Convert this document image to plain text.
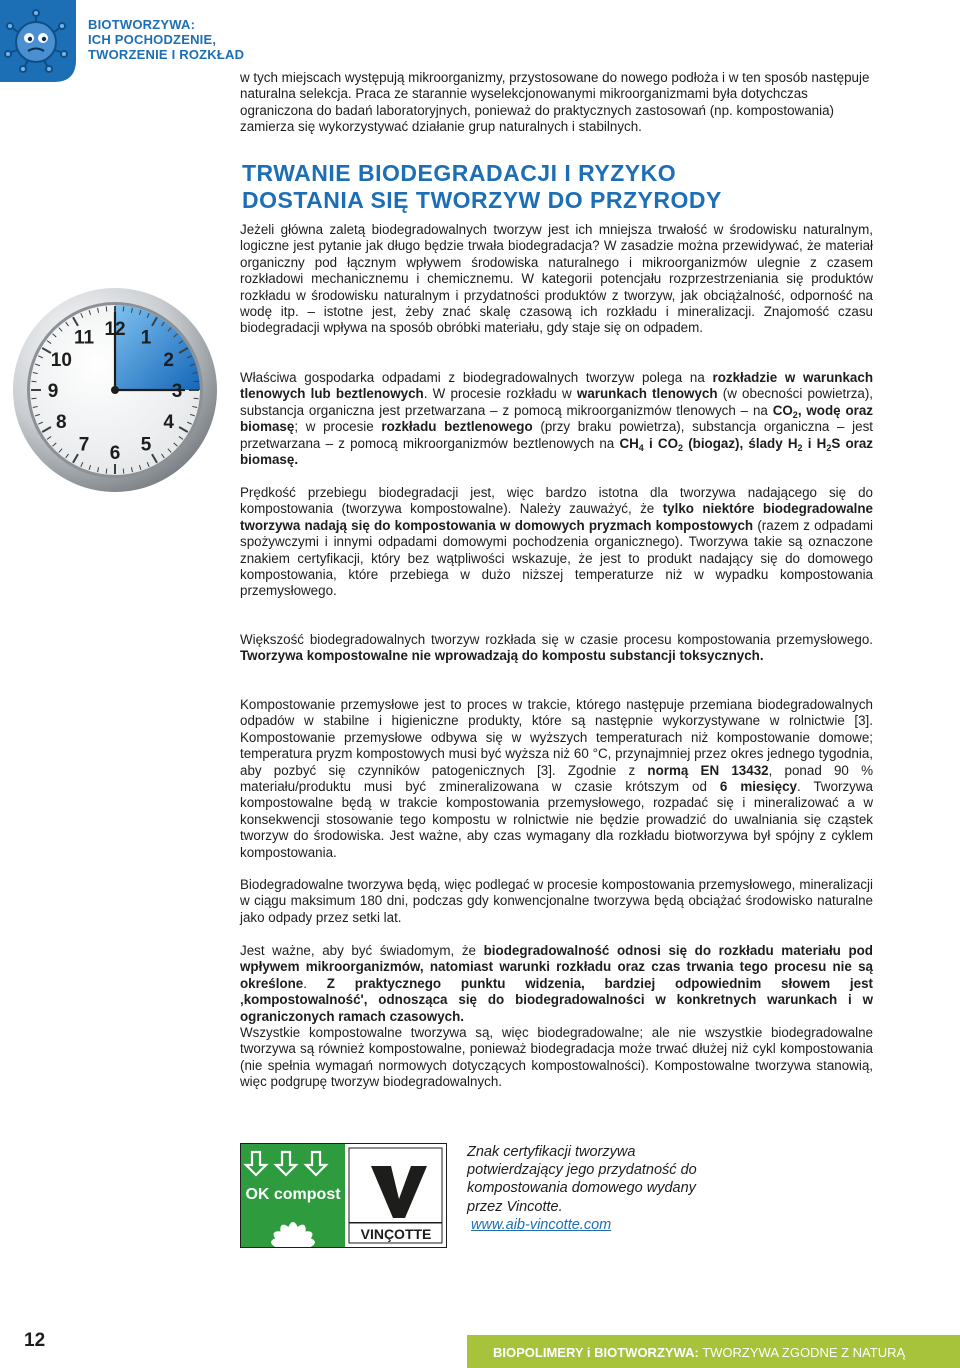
BIOTWORZYWA:
ICH POCHODZENIE,
TWORZENIE I ROZKŁAD
w tych miejscach występują mikroorganizmy, przystosowane do nowego podłoża i w ten sposób następuje naturalna selekcja. Praca ze starannie wyselekcjonowanymi mikroorganizmami była dotychczas ograniczona do badań laboratoryjnych, ponieważ do praktycznych zastosowań (np. kompostowania) zamierza się wykorzystywać działanie grup naturalnych i stabilnych.
TRWANIE BIODEGRADACJI I RYZYKO
DOSTANIA SIĘ TWORZYW DO PRZYRODY
12 1
2
3
4
5
6
7
8
9
10
11
Jeżeli główna zaletą biodegradowalnych tworzyw jest ich mniejsza trwałość w środowisku naturalnym, logiczne jest pytanie jak długo będzie trwała biodegradacja? W zasadzie można przewidywać, że materiał organiczny pod łącznym wpływem środowiska naturalnego i mikroorganizmów ulegnie z czasem rozkładowi mechanicznemu i chemicznemu. W kategorii potencjału rozprzestrzeniania się produktów rozkładu w środowisku naturalnym i przydatności produktów z tworzyw, jak obciążalność, odporność na wodę itp. – istotne jest, żeby znać skalę czasową ich rozkładu i mineralizacji. Znajomość czasu biodegradacji wpływa na sposób obróbki materiału, gdy staje się on odpadem.
Właściwa gospodarka odpadami z biodegradowalnych tworzyw polega na rozkładzie w warunkach tlenowych lub beztlenowych. W procesie rozkładu w warunkach tlenowych (w obecności powietrza), substancja organiczna jest przetwarzana – z pomocą mikroorganizmów tlenowych – na $CO_2$, wodę oraz biomasę; w procesie rozkładu beztlenowego (przy braku powietrza), substancja organiczna – jest przetwarzana – z pomocą mikroorganizmów beztlenowych na $CH_4$ i $CO_2$ (biogaz), ślady $H_2$ i $H_2S$ oraz biomasę.
Prędkość przebiegu biodegradacji jest, więc bardzo istotna dla tworzywa nadającego się do kompostowania (tworzywa kompostowalne). Należy zauważyć, że tylko niektóre biodegradowalne tworzywa nadają się do kompostowania w domowych pryzmach kompostowych (razem z odpadami spożywczymi i innymi odpadami domowymi pochodzenia organicznego). Tworzywa takie są oznaczone znakiem certyfikacji, który bez wątpliwości wskazuje, że jest to produkt nadający się do domowego kompostowania, które przebiega w dużo niższej temperaturze niż w wypadku kompostowania przemysłowego.
Większość biodegradowalnych tworzyw rozkłada się w czasie procesu kompostowania przemysłowego. Tworzywa kompostowalne nie wprowadzają do kompostu substancji toksycznych.
Kompostowanie przemysłowe jest to proces w trakcie, którego następuje przemiana biodegradowalnych odpadów w stabilne i higieniczne produkty, które są następnie wykorzystywane w rolnictwie [3]. Kompostowanie przemysłowe odbywa się w wyższych temperaturach niż kompostowanie domowe; temperatura pryzm kompostowych musi być wyższa niż 60 °C, przynajmniej przez okres jednego tygodnia, aby pozbyć się czynników patogenicznych [3]. Zgodnie z normą EN 13432, ponad 90 % materiału/produktu musi być zmineralizowana w czasie krótszym od 6 miesięcy. Tworzywa kompostowalne będą w trakcie kompostowania przemysłowego, rozpadać się i mineralizować a w konsekwencji stosowanie tego kompostu w rolnictwie nie będzie prowadzić do uwalniania się cząstek tworzyw do środowiska. Jest ważne, aby czas wymagany dla rozkładu biotworzywa był spójny z cyklem kompostowania.
Biodegradowalne tworzywa będą, więc podlegać w procesie kompostowania przemysłowego, mineralizacji w ciągu maksimum 180 dni, podczas gdy konwencjonalne tworzywa będą obciążać środowisko naturalne jako odpady przez setki lat.
Jest ważne, aby być świadomym, że biodegradowalność odnosi się do rozkładu materiału pod wpływem mikroorganizmów, natomiast warunki rozkładu oraz czas trwania tego procesu nie są określone. Z praktycznego punktu widzenia, bardziej odpowiednim słowem jest ‚kompostowalność', odnosząca się do biodegradowalności w konkretnych warunkach i w ograniczonych ramach czasowych.
Wszystkie kompostowalne tworzywa są, więc biodegradowalne; ale nie wszystkie biodegradowalne tworzywa są również kompostowalne, ponieważ biodegradacja może trwać dłużej niż cykl kompostowania (nie spełnia wymagań normowych dotyczących kompostowalności). Kompostowalne tworzywa stanowią, więc podgrupę tworzyw biodegradowalnych.
OK compost
VINÇOTTE
Znak certyfikacji tworzywa
potwierdzający jego przydatność do
kompostowania domowego wydany
przez Vincotte.
www.aib-vincotte.com
12
BIOPOLIMERY i BIOTWORZYWA: TWORZYWA ZGODNE Z NATURĄ
